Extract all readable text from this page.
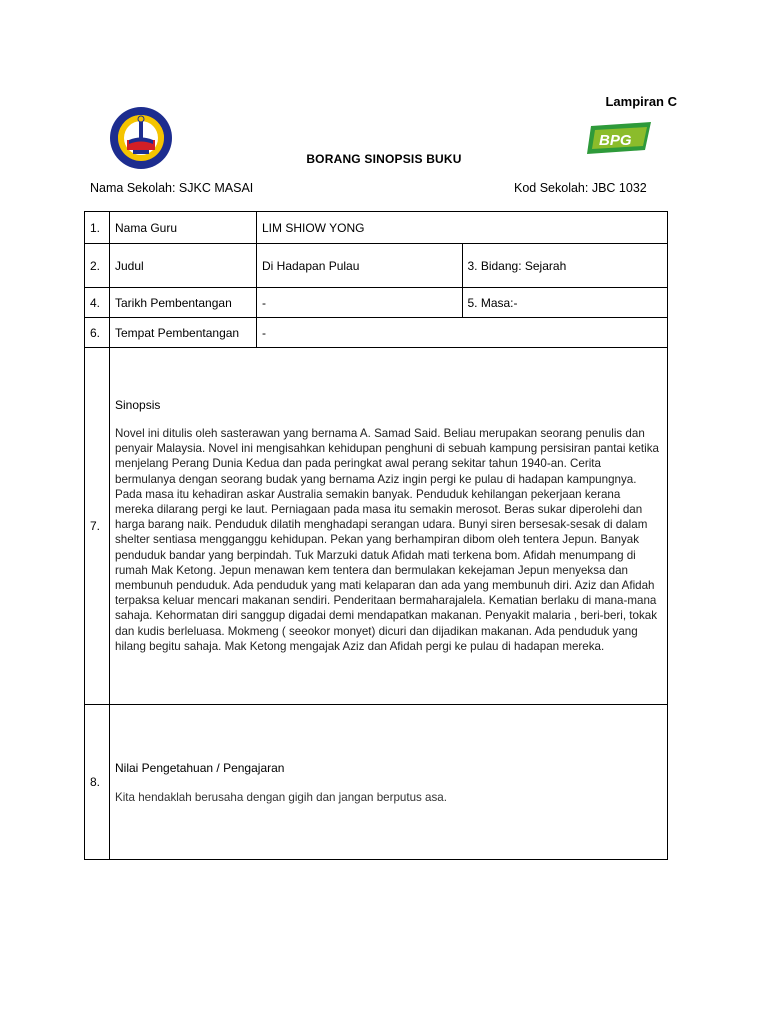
Lampiran C
BPG
BORANG SINOPSIS BUKU
Nama Sekolah: SJKC MASAI	Kod Sekolah: JBC 1032
1.	Nama Guru	LIM SHIOW YONG	
2.	Judul	Di Hadapan Pulau	3. Bidang: Sejarah
4.	Tarikh Pembentangan	-	5. Masa:-
6.	Tempat Pembentangan	-	
7.	Sinopsis
Novel ini ditulis oleh sasterawan yang bernama A. Samad Said. Beliau merupakan seorang penulis dan penyair Malaysia. Novel ini mengisahkan kehidupan penghuni di sebuah kampung persisiran pantai ketika menjelang Perang Dunia Kedua dan pada peringkat awal perang sekitar tahun 1940-an. Cerita bermulanya dengan seorang budak yang bernama Aziz ingin pergi ke pulau di hadapan kampungnya. Pada masa itu kehadiran askar Australia semakin banyak. Penduduk kehilangan pekerjaan kerana mereka dilarang pergi ke laut. Perniagaan pada masa itu semakin merosot. Beras sukar diperolehi dan harga barang naik. Penduduk dilatih menghadapi serangan udara. Bunyi siren bersesak-sesak di dalam shelter sentiasa mengganggu kehidupan. Pekan yang berhampiran dibom oleh tentera Jepun. Banyak penduduk bandar yang berpindah. Tuk Marzuki datuk Afidah mati terkena bom. Afidah menumpang di rumah Mak Ketong. Jepun menawan kem tentera dan bermulakan kekejaman Jepun menyeksa dan membunuh penduduk. Ada penduduk yang mati kelaparan dan ada yang membunuh diri. Aziz dan Afidah terpaksa keluar mencari makanan sendiri. Penderitaan bermaharajalela. Kematian berlaku di mana-mana sahaja. Kehormatan diri sanggup digadai demi mendapatkan makanan. Penyakit malaria , beri-beri, tokak dan kudis berleluasa. Mokmeng ( seeokor monyet) dicuri dan dijadikan makanan. Ada penduduk yang hilang begitu sahaja. Mak Ketong mengajak Aziz dan Afidah pergi ke pulau di hadapan mereka.		

8.	Nilai Pengetahuan / Pengajaran
Kita hendaklah berusaha dengan gigih dan jangan berputus asa.		
